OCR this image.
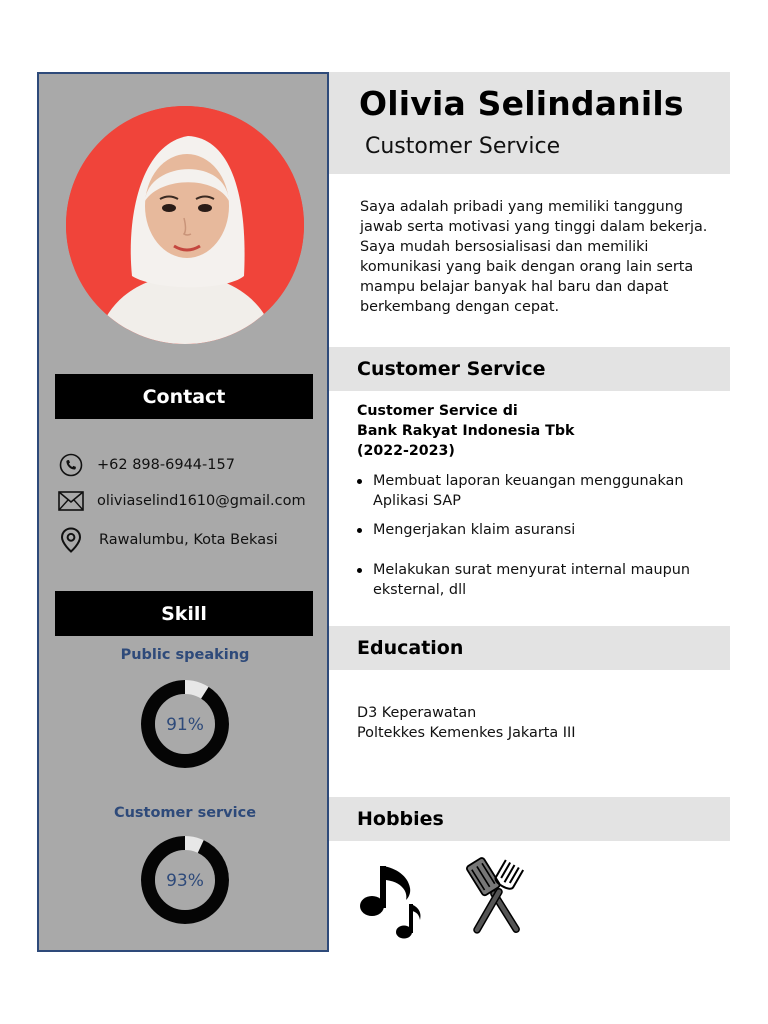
Contact
+62 898-6944-157
oliviaselind1610@gmail.com
Rawalumbu, Kota Bekasi
Skill
Public speaking
91%
Customer service
93%
Olivia Selindanils
Customer Service
Saya adalah pribadi yang memiliki tanggung jawab serta motivasi yang tinggi dalam bekerja. Saya mudah bersosialisasi dan memiliki komunikasi yang baik dengan orang lain serta mampu belajar banyak hal baru dan dapat berkembang dengan cepat.
Customer Service
Customer Service di
Bank Rakyat Indonesia Tbk
(2022-2023)
Membuat laporan keuangan menggunakan Aplikasi SAP
Mengerjakan klaim asuransi
Melakukan surat menyurat internal maupun eksternal, dll
Education
D3 Keperawatan
Poltekkes Kemenkes Jakarta III
Hobbies
